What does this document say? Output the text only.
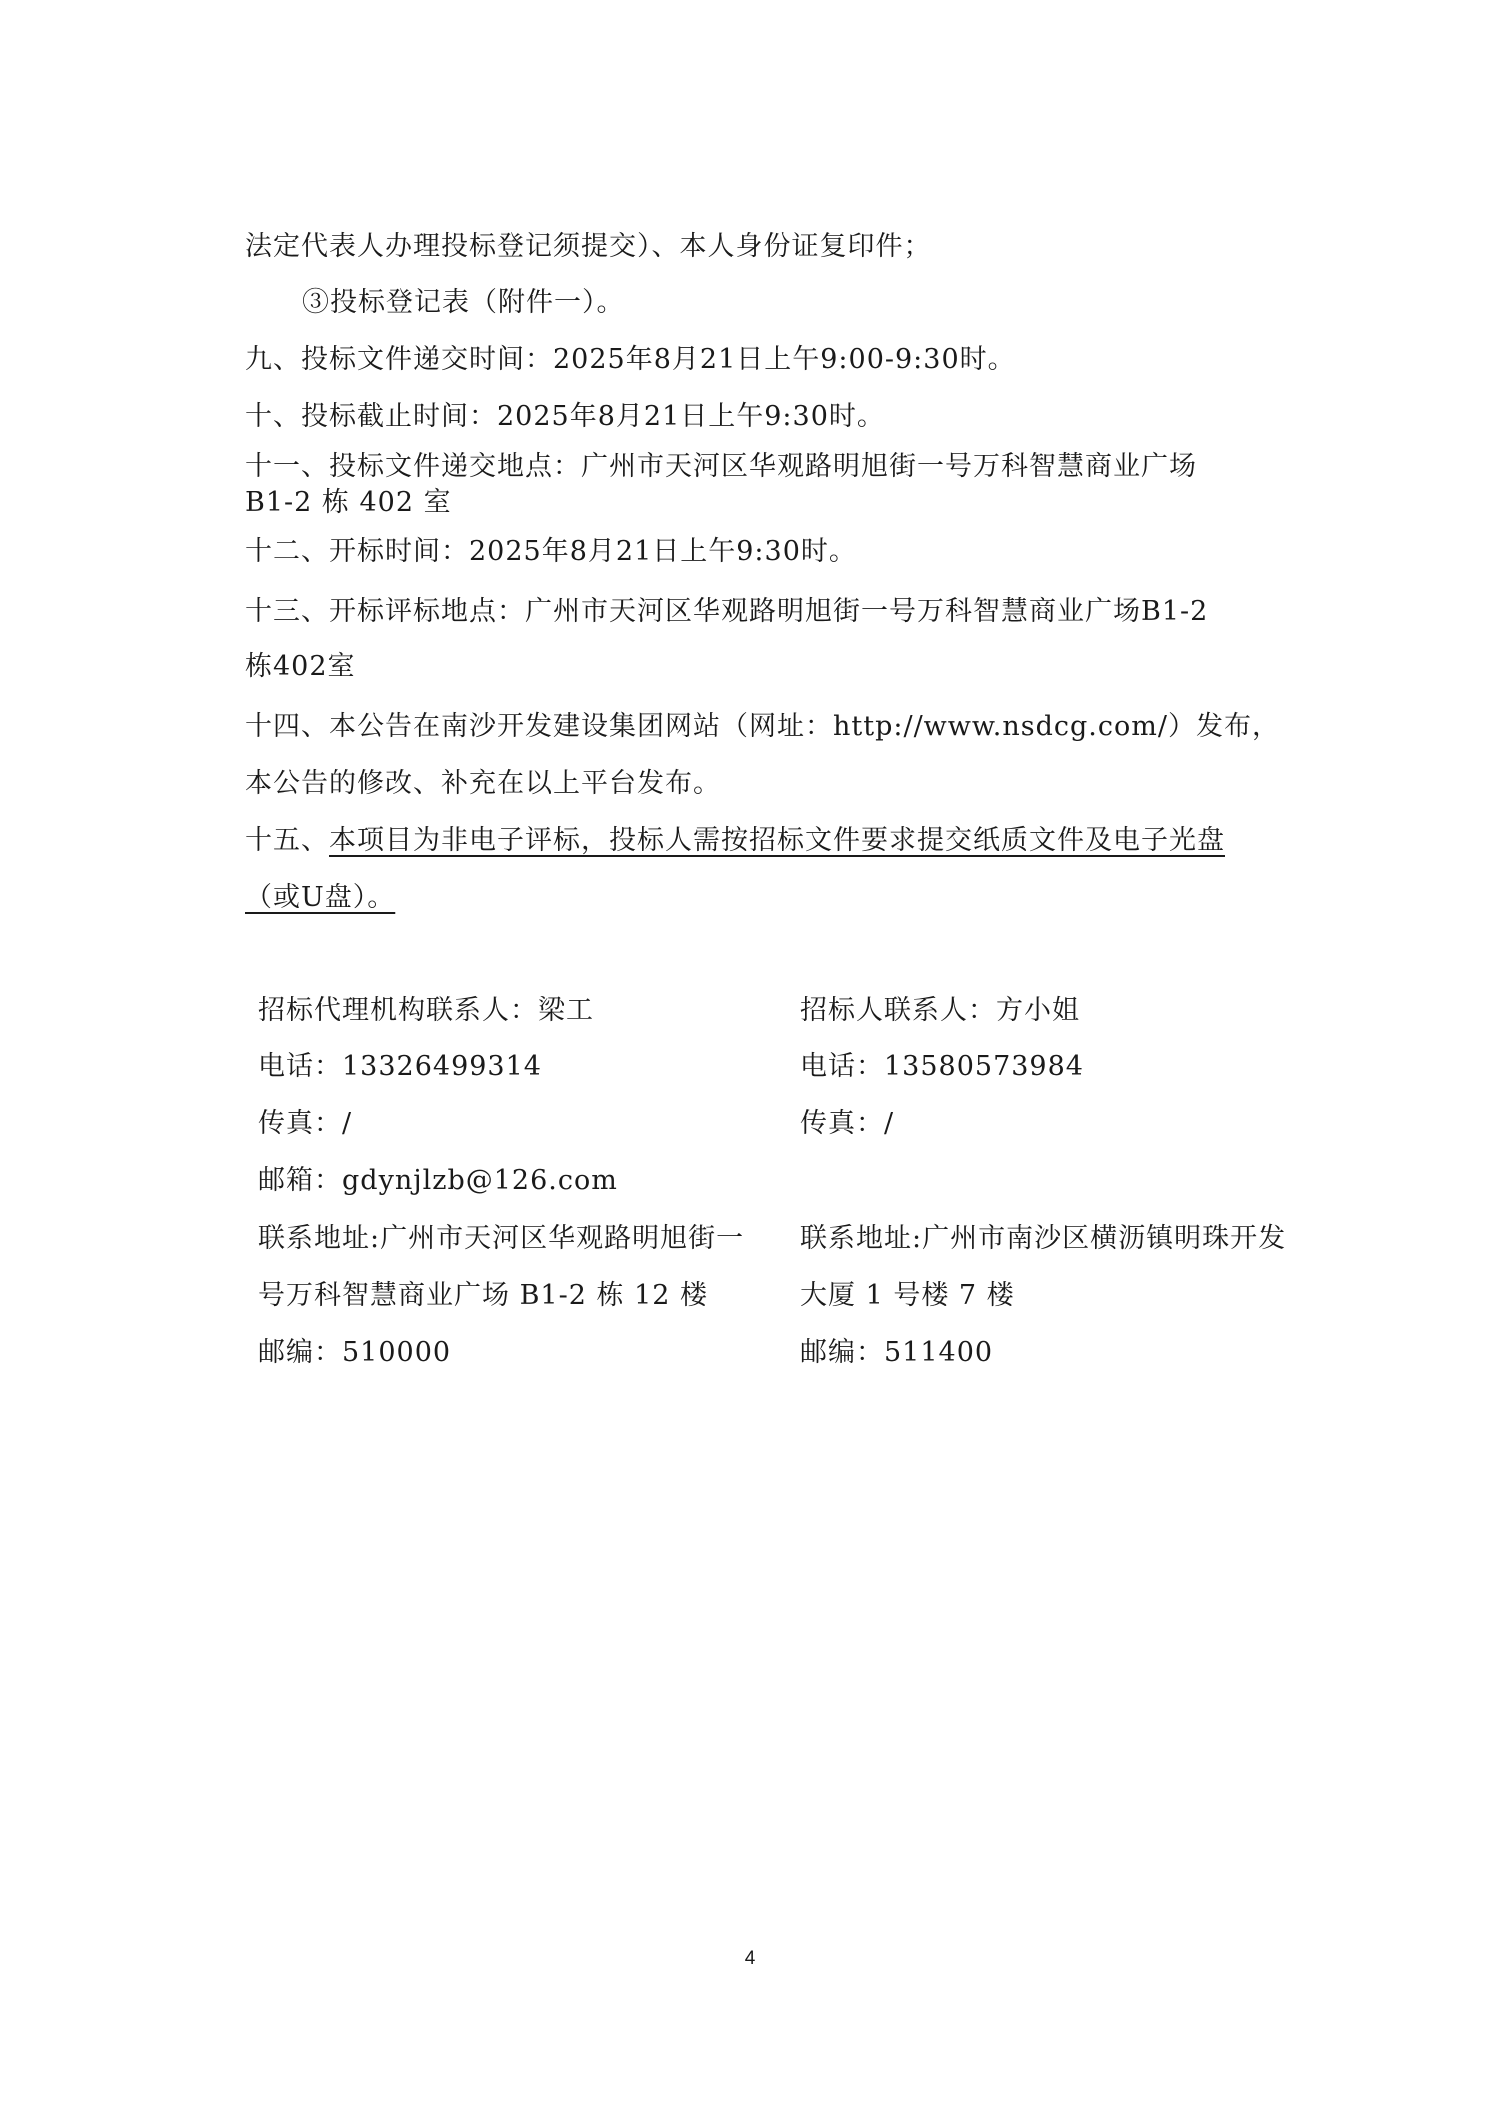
法定代表人办理投标登记须提交）、本人身份证复印件；
③投标登记表（附件一）。
九、投标文件递交时间：2025年8月21日上午9:00-9:30时。
十、投标截止时间：2025年8月21日上午9:30时。
十一、投标文件递交地点：广州市天河区华观路明旭街一号万科智慧商业广场
B1-2 栋 402 室
十二、开标时间：2025年8月21日上午9:30时。
十三、开标评标地点：广州市天河区华观路明旭街一号万科智慧商业广场B1-2
栋402室
十四、本公告在南沙开发建设集团网站（网址：http://www.nsdcg.com/）发布，
本公告的修改、补充在以上平台发布。
十五、本项目为非电子评标，投标人需按招标文件要求提交纸质文件及电子光盘
（或U盘）。
招标代理机构联系人：梁工
电话：13326499314
传真：/
邮箱：gdynjlzb@126.com
联系地址:广州市天河区华观路明旭街一
号万科智慧商业广场 B1-2 栋 12 楼
邮编：510000
招标人联系人：方小姐
电话：13580573984
传真：/
联系地址:广州市南沙区横沥镇明珠开发
大厦 1 号楼 7 楼
邮编：511400
4
